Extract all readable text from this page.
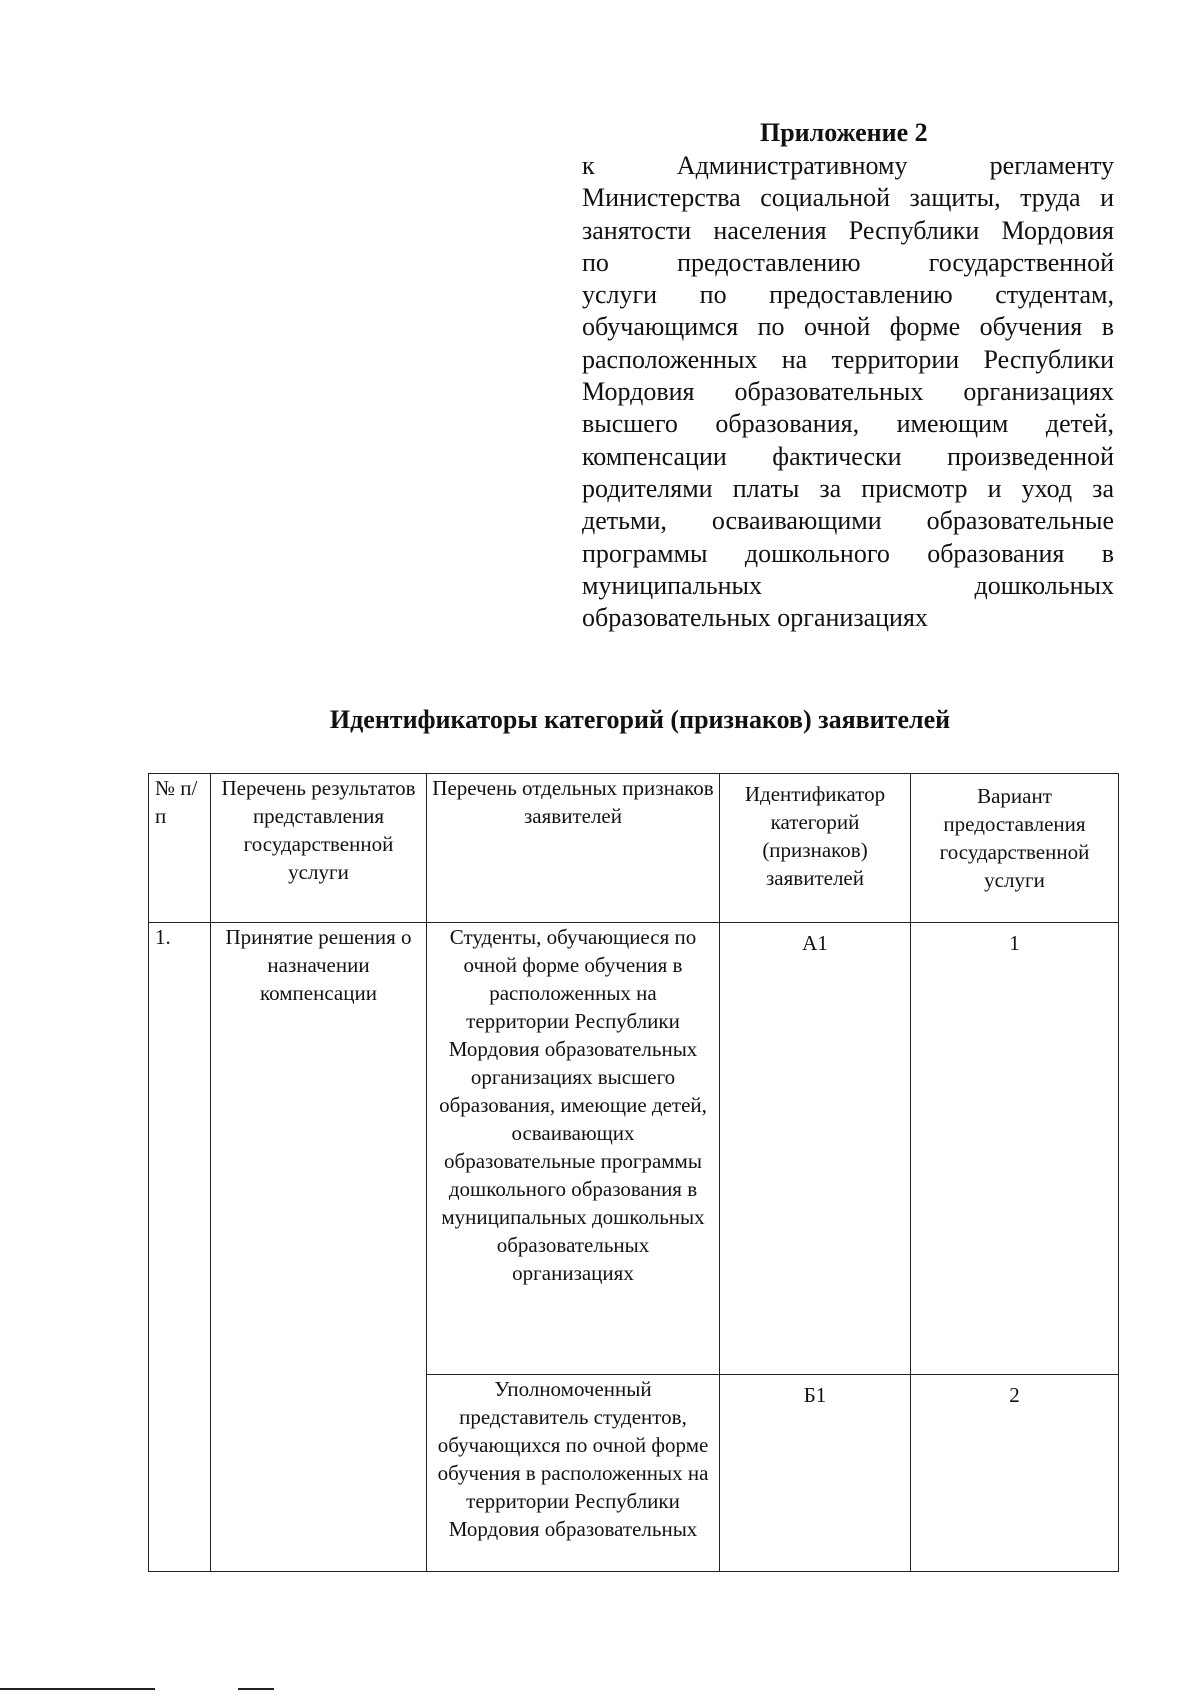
Приложение 2
к Административному регламенту
Министерства социальной защиты, труда и
занятости населения Республики Мордовия
по предоставлению государственной
услуги по предоставлению студентам,
обучающимся по очной форме обучения в
расположенных на территории Республики
Мордовия образовательных организациях
высшего образования, имеющим детей,
компенсации фактически произведенной
родителями платы за присмотр и уход за
детьми, осваивающими образовательные
программы дошкольного образования в
муниципальных дошкольных
образовательных организациях
Идентификаторы категорий (признаков) заявителей
№ п/п	Перечень результатов представления государственной услуги	Перечень отдельных признаков заявителей	Идентификатор категорий (признаков) заявителей	Вариант предоставления государственной услуги

1.	Принятие решения о назначении компенсации	Студенты, обучающиеся по очной форме обучения в расположенных на территории Республики Мордовия образовательных организациях высшего образования, имеющие детей, осваивающих образовательные программы дошкольного образования в муниципальных дошкольных образовательных организациях	А1	1

		Уполномоченный представитель студентов, обучающихся по очной форме обучения в расположенных на территории Республики Мордовия образовательных	Б1	2
